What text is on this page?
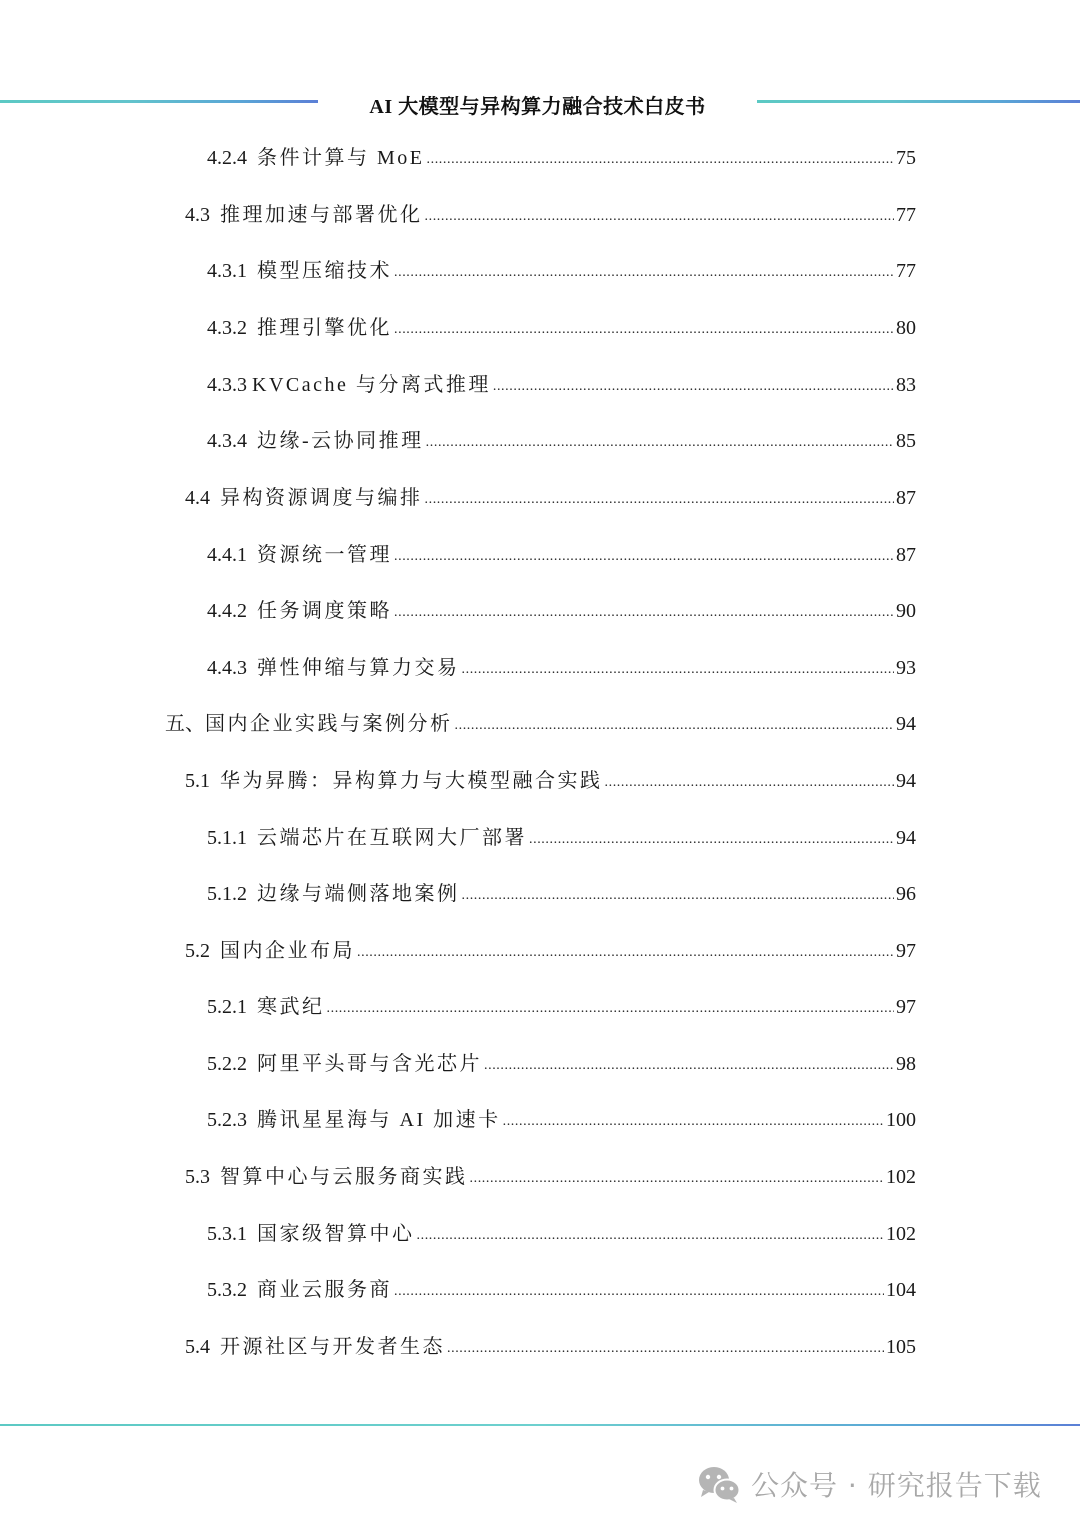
AI 大模型与异构算力融合技术白皮书
4.2.4 条件计算与 MoE .....	75
4.3 推理加速与部署优化 .....	77
4.3.1 模型压缩技术 .....	77
4.3.2 推理引擎优化 .....	80
4.3.3 KVCache 与分离式推理 .....	83
4.3.4 边缘-云协同推理 .....	85
4.4 异构资源调度与编排 .....	87
4.4.1 资源统一管理 .....	87
4.4.2 任务调度策略 .....	90
4.4.3 弹性伸缩与算力交易 .....	93
五、 国内企业实践与案例分析 .....	94
5.1 华为昇腾：异构算力与大模型融合实践 .....	94
5.1.1 云端芯片在互联网大厂部署 .....	94
5.1.2 边缘与端侧落地案例 .....	96
5.2 国内企业布局 .....	97
5.2.1 寒武纪 .....	97
5.2.2 阿里平头哥与含光芯片 .....	98
5.2.3 腾讯星星海与 AI 加速卡 .....	100
5.3 智算中心与云服务商实践 .....	102
5.3.1 国家级智算中心 .....	102
5.3.2 商业云服务商 .....	104
5.4 开源社区与开发者生态 .....	105
公众号 · 研究报告下载
